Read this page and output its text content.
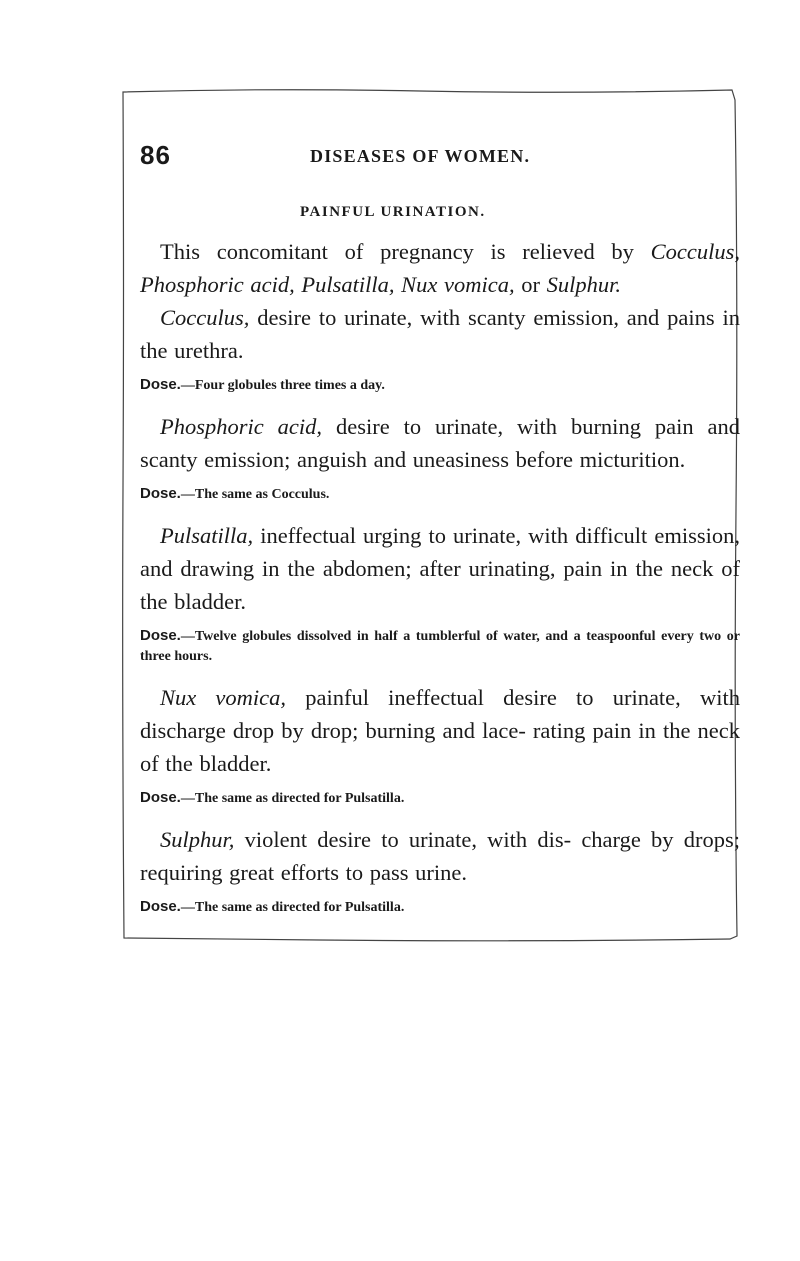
86	DISEASES OF WOMEN.
PAINFUL URINATION.

This concomitant of pregnancy is relieved by Cocculus, Phosphoric acid, Pulsatilla, Nux vomica, or Sulphur.

Cocculus, desire to urinate, with scanty emission, and pains in the urethra.

Dose.—Four globules three times a day.

Phosphoric acid, desire to urinate, with burning pain and scanty emission; anguish and uneasiness before micturition.

Dose.—The same as Cocculus.

Pulsatilla, ineffectual urging to urinate, with difficult emission, and drawing in the abdomen; after urinating, pain in the neck of the bladder.

Dose.—Twelve globules dissolved in half a tumblerful of water, and a teaspoonful every two or three hours.

Nux vomica, painful ineffectual desire to urinate, with discharge drop by drop; burning and lace- rating pain in the neck of the bladder.

Dose.—The same as directed for Pulsatilla.

Sulphur, violent desire to urinate, with dis- charge by drops; requiring great efforts to pass urine.

Dose.—The same as directed for Pulsatilla.
